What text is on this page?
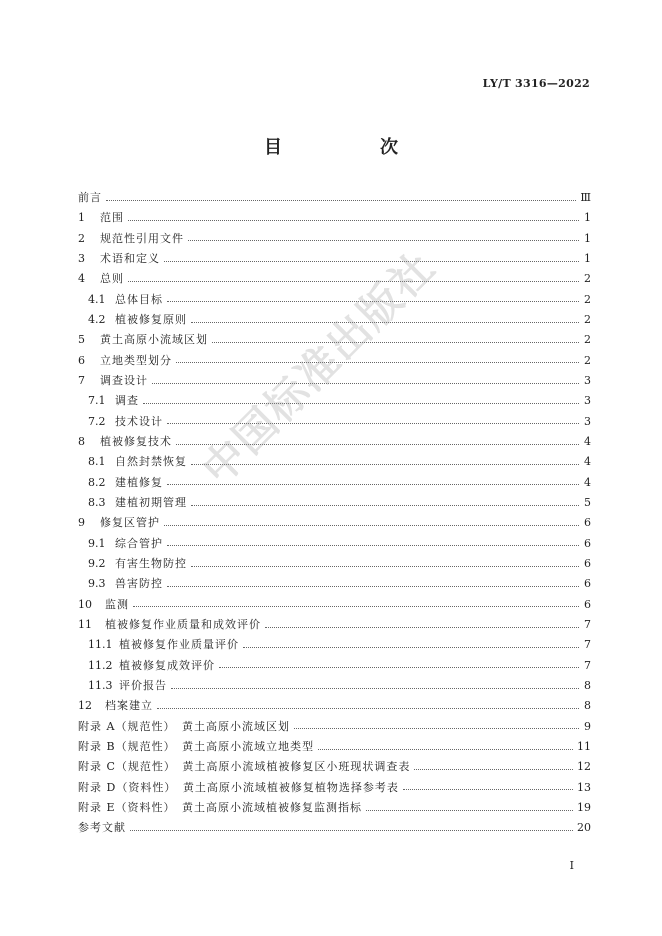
LY/T 3316—2022
目　次
前言	Ⅲ
1	范围	1
2	规范性引用文件	1
3	术语和定义	1
4	总则	2
4.1 总体目标	2
4.2 植被修复原则	2
5	黄土高原小流域区划	2
6	立地类型划分	2
7	调查设计	3
7.1 调查	3
7.2 技术设计	3
8	植被修复技术	4
8.1 自然封禁恢复	4
8.2 建植修复	4
8.3 建植初期管理	5
9	修复区管护	6
9.1 综合管护	6
9.2 有害生物防控	6
9.3 兽害防控	6
10	监测	6
11	植被修复作业质量和成效评价	7
11.1 植被修复作业质量评价	7
11.2 植被修复成效评价	7
11.3 评价报告	8
12	档案建立	8
附录 A（规范性）　黄土高原小流域区划	9
附录 B（规范性）　黄土高原小流域立地类型	11
附录 C（规范性）　黄土高原小流域植被修复区小班现状调查表	12
附录 D（资料性）　黄土高原小流域植被修复植物选择参考表	13
附录 E（资料性）　黄土高原小流域植被修复监测指标	19
参考文献	20
中国标准出版社
Ⅰ
